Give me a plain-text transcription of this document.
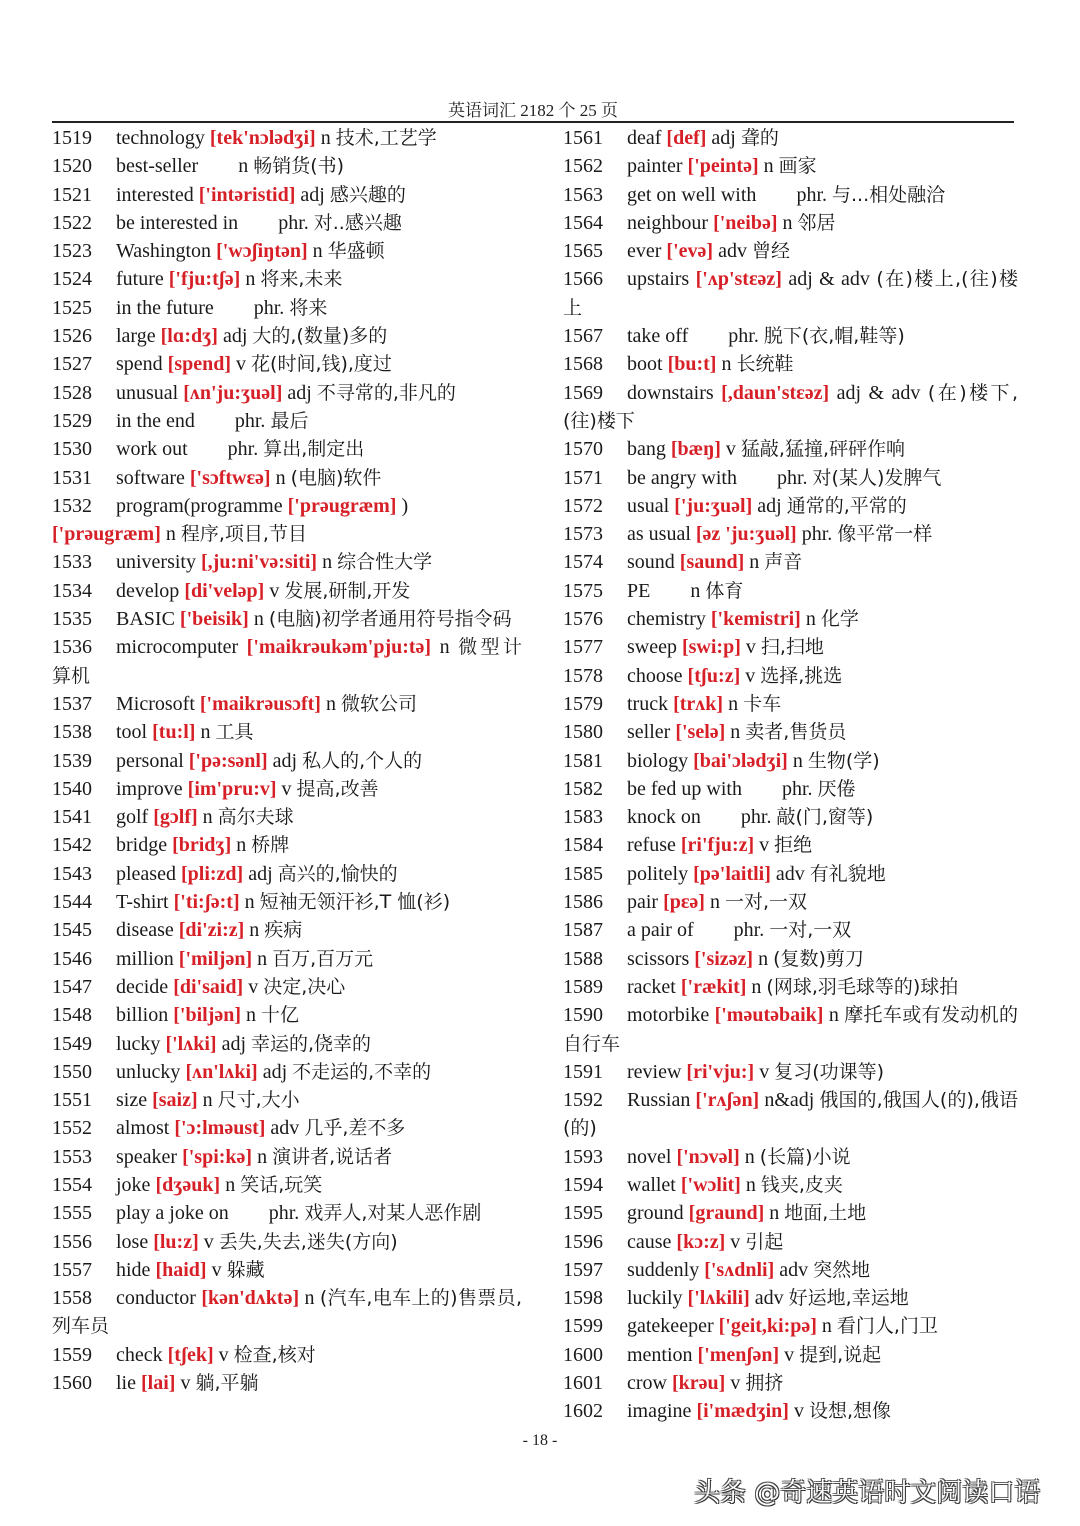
英语词汇 2182 个 25 页
1519 technology [tek'nɔlədʒi] n 技术,工艺学
1520 best-seller   n 畅销货(书)
1521 interested ['intəristid] adj 感兴趣的
1522 be interested in   phr. 对..感兴趣
1523 Washington ['wɔʃiŋtən] n 华盛顿
1524 future ['fju:tʃə] n 将来,未来
1525 in the future   phr. 将来
1526 large [lɑ:dʒ] adj 大的,(数量)多的
1527 spend [spend] v 花(时间,钱),度过
1528 unusual [ʌn'ju:ʒuəl] adj 不寻常的,非凡的
1529 in the end   phr. 最后
1530 work out   phr. 算出,制定出
1531 software ['sɔftwɛə] n (电脑)软件
1532 program(programme ['prəugræm] )
['prəugræm] n 程序,项目,节目
1533 university [,ju:ni'və:siti] n 综合性大学
1534 develop [di'veləp] v 发展,研制,开发
1535 BASIC ['beisik] n (电脑)初学者通用符号指令码
1536 microcomputer ['maikrəukəm'pju:tə] n 微型计算机
1537 Microsoft ['maikrəusɔft] n 微软公司
1538 tool [tu:l] n 工具
1539 personal ['pə:sənl] adj 私人的,个人的
1540 improve [im'pru:v] v 提高,改善
1541 golf [gɔlf] n 高尔夫球
1542 bridge [bridʒ] n 桥牌
1543 pleased [pli:zd] adj 高兴的,愉快的
1544 T-shirt ['ti:ʃə:t] n 短袖无领汗衫,T 恤(衫)
1545 disease [di'zi:z] n 疾病
1546 million ['miljən] n 百万,百万元
1547 decide [di'said] v 决定,决心
1548 billion ['biljən] n 十亿
1549 lucky ['lʌki] adj 幸运的,侥幸的
1550 unlucky [ʌn'lʌki] adj 不走运的,不幸的
1551 size [saiz] n 尺寸,大小
1552 almost ['ɔ:lməust] adv 几乎,差不多
1553 speaker ['spi:kə] n 演讲者,说话者
1554 joke [dʒəuk] n 笑话,玩笑
1555 play a joke on   phr. 戏弄人,对某人恶作剧
1556 lose [lu:z] v 丢失,失去,迷失(方向)
1557 hide [haid] v 躲藏
1558 conductor [kən'dʌktə] n (汽车,电车上的)售票员,列车员
1559 check [tʃek] v 检查,核对
1560 lie [lai] v 躺,平躺
1561 deaf [def] adj 聋的
1562 painter ['peintə] n 画家
1563 get on well with   phr. 与...相处融洽
1564 neighbour ['neibə] n 邻居
1565 ever ['evə] adv 曾经
1566 upstairs ['ʌp'stɛəz] adj & adv (在)楼上,(往)楼上
1567 take off   phr. 脱下(衣,帽,鞋等)
1568 boot [bu:t] n 长统鞋
1569 downstairs [,daun'stɛəz] adj & adv (在)楼下,(往)楼下
1570 bang [bæŋ] v 猛敲,猛撞,砰砰作响
1571 be angry with   phr. 对(某人)发脾气
1572 usual ['ju:ʒuəl] adj 通常的,平常的
1573 as usual [əz 'ju:ʒuəl] phr. 像平常一样
1574 sound [saund] n 声音
1575 PE   n 体育
1576 chemistry ['kemistri] n 化学
1577 sweep [swi:p] v 扫,扫地
1578 choose [tʃu:z] v 选择,挑选
1579 truck [trʌk] n 卡车
1580 seller ['selə] n 卖者,售货员
1581 biology [bai'ɔlədʒi] n 生物(学)
1582 be fed up with   phr. 厌倦
1583 knock on   phr. 敲(门,窗等)
1584 refuse [ri'fju:z] v 拒绝
1585 politely [pə'laitli] adv 有礼貌地
1586 pair [pɛə] n 一对,一双
1587 a pair of   phr. 一对,一双
1588 scissors ['sizəz] n (复数)剪刀
1589 racket ['rækit] n (网球,羽毛球等的)球拍
1590 motorbike ['məutəbaik] n 摩托车或有发动机的自行车
1591 review [ri'vju:] v 复习(功课等)
1592 Russian ['rʌʃən] n&adj 俄国的,俄国人(的),俄语(的)
1593 novel ['nɔvəl] n (长篇)小说
1594 wallet ['wɔlit] n 钱夹,皮夹
1595 ground [graund] n 地面,土地
1596 cause [kɔ:z] v 引起
1597 suddenly ['sʌdnli] adv 突然地
1598 luckily ['lʌkili] adv 好运地,幸运地
1599 gatekeeper ['geit,ki:pə] n 看门人,门卫
1600 mention ['menʃən] v 提到,说起
1601 crow [krəu] v 拥挤
1602 imagine [i'mædʒin] v 设想,想像
- 18 -
头条 @奇速英语时文阅读口语
